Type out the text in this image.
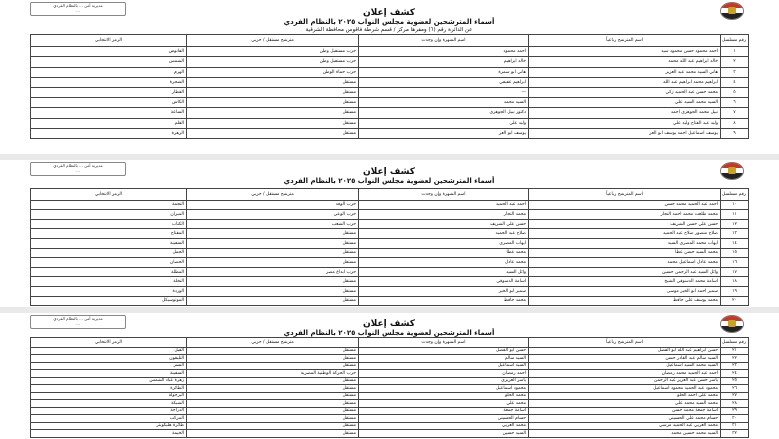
مديرية أمن ... بالنظام الفردي
...	كشف إعلان
أسماء المترشحين لعضوية مجلس النواب ٢٠٢٥ بالنظام الفردي
عن الدائرة رقم (٦) ومقرها مركز / قسم شرطة فاقوس محافظة الشرقية
رقم مسلسل	اسم المترشح رباعياً	اسم الشهرة وإن وجدت	مترشح مستقل / حزبي	الرمز الانتخابي
١	احمد محمود حسن محمود سيد	احمد محمود	حزب مستقبل وطن	الفانوس
٢	خالد ابراهيم عبد الله محمد	خالد ابراهيم	حزب مستقبل وطن	الشمس
٣	هاني السيد محمد عبد العزيز	هاني ابو سمرة	حزب حماة الوطن	الهرم
٤	ابراهيم محمد ابراهيم عبد الله	ابراهيم عفيفي	مستقل	الشجرة
٥	محمد حسن عبد الحميد زكي	—	مستقل	القطار
٦	السيد محمد السيد علي	السيد محمد	مستقل	الكاس
٧	نبيل محمد الجوهري احمد	دكتور نبيل الجوهري	مستقل	الساعة
٨	وليد عبد الفتاح وليد علي	وليد علي	مستقل	القلم
٩	يوسف اسماعيل احمد يوسف ابو العز	يوسف ابو العز	مستقل	الزهرة
مديرية أمن ... بالنظام الفردي
...	كشف إعلان
أسماء المترشحين لعضوية مجلس النواب ٢٠٢٥ بالنظام الفردي
رقم مسلسل	اسم المترشح رباعياً	اسم الشهرة وإن وجدت	مترشح مستقل / حزبي	الرمز الانتخابي
١٠	احمد عبد الحميد محمد حسن	احمد عبد الحميد	حزب الوفد	النجمة
١١	محمد طلعت محمد احمد النجار	محمد النجار	حزب الوعي	الميزان
١٢	حسن علي حسن الشريف	حسن علي الشريف	حزب الشعب	الكتاب
١٣	صلاح منصور صلاح عبد الحميد	صلاح عبد الحميد	مستقل	المفتاح
١٤	ايهاب محمد المصري السيد	ايهاب المصري	مستقل	السفينة
١٥	محمد السيد حسن عطا	محمد عطا	مستقل	الجمل
١٦	محمد عادل اسماعيل محمد	محمد عادل	مستقل	الحصان
١٧	وائل السيد عبد الرحمن حسين	وائل السيد	حزب ابداع مصر	المظلة
١٨	اسامة محمد الدسوقي الشيخ	اسامة الدسوقي	مستقل	النخلة
١٩	سمير احمد ابو الخير موسى	سمير ابو الخير	مستقل	الوردة
٢٠	محمد يوسف علي حافظ	محمد حافظ	مستقل	الموتوسيكل
مديرية أمن ... بالنظام الفردي
...	كشف إعلان
أسماء المترشحين لعضوية مجلس النواب ٢٠٢٥ بالنظام الفردي
رقم مسلسل	اسم المترشح رباعياً	اسم الشهرة وإن وجدت	مترشح مستقل / حزبي	الرمز الانتخابي
٢١	حسن ابراهيم عبد الله ابو الفضل	حسن ابو الفضل	مستقل	الفيل
٢٢	السيد سالم عبد القادر حسن	السيد سالم	مستقل	التليفون
٢٣	السيد محمد السيد اسماعيل	السيد اسماعيل	مستقل	النسر
٢٤	احمد عبد الحميد محمد رمضان	احمد رمضان	حزب الحركة الوطنية المصرية	السفينة
٢٥	ياسر حسن عبد العزيز عبد الرحمن	ياسر العزيزي	مستقل	زهرة عباد الشمس
٢٦	محمود عبد الحميد محمود اسماعيل	محمود اسماعيل	مستقل	الطائرة
٢٧	محمد علي احمد الحلو	محمد الحلو	مستقل	البرجولة
٢٨	محمد السيد محمد علي	محمد علي	مستقل	الشبكة
٢٩	اسامة جمعة محمد حسن	اسامة جمعة	مستقل	الدراجة
٣٠	حسام محمد علي الحسيني	حسام الحسيني	مستقل	المركب
٣١	محمد العربي عبد الحميد مرسي	محمد العربي	مستقل	طائرة هليكوبتر
٣٢	السيد محمد حسين محمد	السيد حسين	مستقل	الخيمة
